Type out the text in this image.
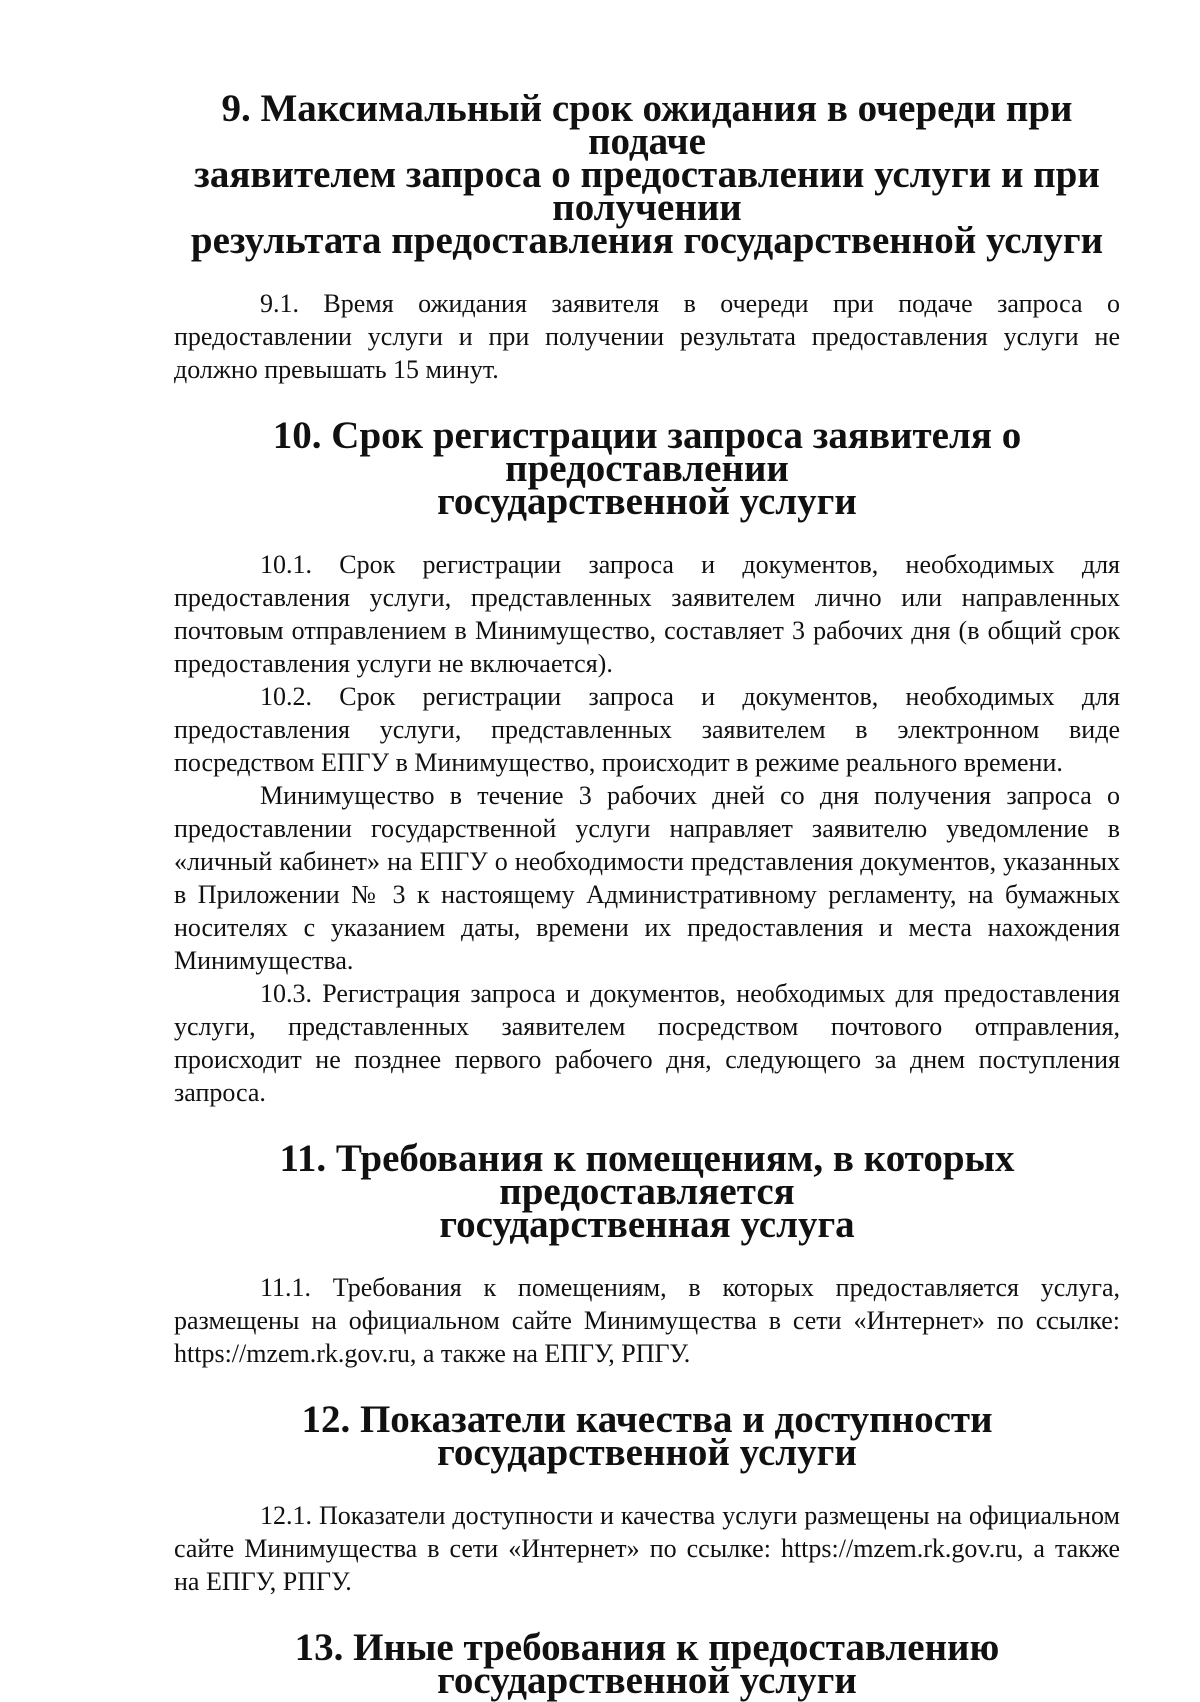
9. Максимальный срок ожидания в очереди при подаче
заявителем запроса о предоставлении услуги и при получении
результата предоставления государственной услуги

9.1. Время ожидания заявителя в очереди при подаче запроса о предоставлении услуги и при получении результата предоставления услуги не должно превышать 15 минут.

10. Срок регистрации запроса заявителя о предоставлении
государственной услуги

10.1. Срок регистрации запроса и документов, необходимых для предоставления услуги, представленных заявителем лично или направленных почтовым отправлением в Минимущество, составляет 3 рабочих дня (в общий срок предоставления услуги не включается).

10.2. Срок регистрации запроса и документов, необходимых для предоставления услуги, представленных заявителем в электронном виде посредством ЕПГУ в Минимущество, происходит в режиме реального времени.

Минимущество в течение 3 рабочих дней со дня получения запроса о предоставлении государственной услуги направляет заявителю уведомление в «личный кабинет» на ЕПГУ о необходимости представления документов, указанных в Приложении № 3 к настоящему Административному регламенту, на бумажных носителях с указанием даты, времени их предоставления и места нахождения Минимущества.

10.3. Регистрация запроса и документов, необходимых для предоставления услуги, представленных заявителем посредством почтового отправления, происходит не позднее первого рабочего дня, следующего за днем поступления запроса.

11. Требования к помещениям, в которых предоставляется
государственная услуга

11.1. Требования к помещениям, в которых предоставляется услуга, размещены на официальном сайте Минимущества в сети «Интернет» по ссылке: https://mzem.rk.gov.ru, а также на ЕПГУ, РПГУ.

12. Показатели качества и доступности государственной услуги

12.1. Показатели доступности и качества услуги размещены на официальном сайте Минимущества в сети «Интернет» по ссылке: https://mzem.rk.gov.ru, а также на ЕПГУ, РПГУ.

13. Иные требования к предоставлению государственной услуги
